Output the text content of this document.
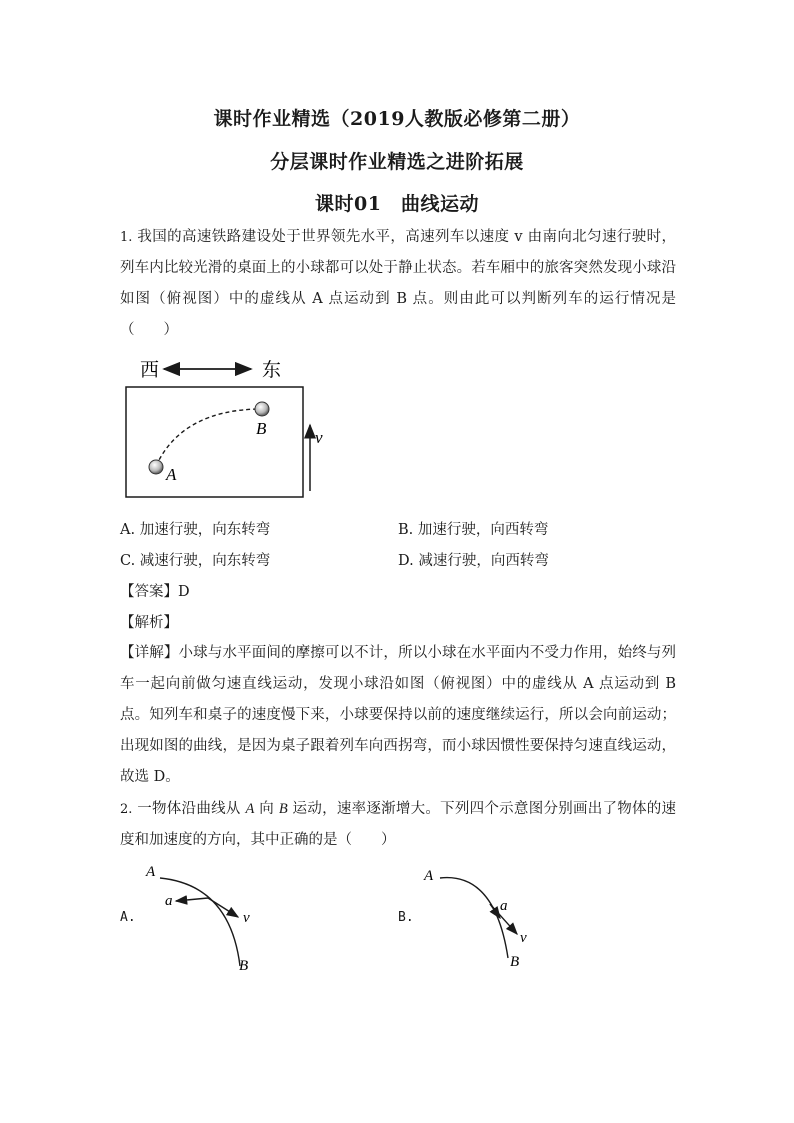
课时作业精选（2019人教版必修第二册）
分层课时作业精选之进阶拓展
课时01　曲线运动
1. 我国的高速铁路建设处于世界领先水平，高速列车以速度 v 由南向北匀速行驶时，列车内比较光滑的桌面上的小球都可以处于静止状态。若车厢中的旅客突然发现小球沿如图（俯视图）中的虚线从 A 点运动到 B 点。则由此可以判断列车的运行情况是（　　）
西	东
A
B	v
A. 加速行驶，向东转弯	B. 加速行驶，向西转弯
C. 减速行驶，向东转弯	D. 减速行驶，向西转弯
【答案】D
【解析】
【详解】小球与水平面间的摩擦可以不计，所以小球在水平面内不受力作用，始终与列车一起向前做匀速直线运动，发现小球沿如图（俯视图）中的虚线从 A 点运动到 B 点。知列车和桌子的速度慢下来，小球要保持以前的速度继续运行，所以会向前运动；出现如图的曲线，是因为桌子跟着列车向西拐弯，而小球因惯性要保持匀速直线运动，故选 D。
2. 一物体沿曲线从 A 向 B 运动，速率逐渐增大。下列四个示意图分别画出了物体的速度和加速度的方向，其中正确的是（　　）
A.
A
B
a
v	B.
A
B
a
v
